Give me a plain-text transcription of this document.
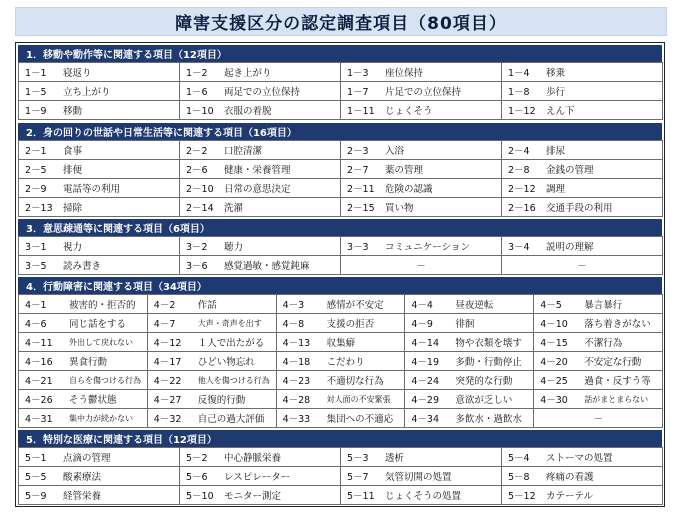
障害支援区分の認定調査項目（80項目）
1．移動や動作等に関連する項目（12項目）
1－1	寝返り	1－2	起き上がり	1－3	座位保持	1－4	移乗
1－5	立ち上がり	1－6	両足での立位保持	1－7	片足での立位保持	1－8	歩行
1－9	移動	1－10	衣服の着脱	1－11	じょくそう	1－12	えん下
2．身の回りの世話や日常生活等に関連する項目（16項目）
2－1	食事	2－2	口腔清潔	2－3	入浴	2－4	排尿
2－5	排便	2－6	健康・栄養管理	2－7	薬の管理	2－8	金銭の管理
2－9	電話等の利用	2－10	日常の意思決定	2－11	危険の認識	2－12	調理
2－13	掃除	2－14	洗濯	2－15	買い物	2－16	交通手段の利用
3．意思疎通等に関連する項目（6項目）
3－1	視力	3－2	聴力	3－3	コミュニケーション	3－4	説明の理解
3－5	読み書き	3－6	感覚過敏・感覚鈍麻	－	－
4．行動障害に関連する項目（34項目）
4－1	被害的・拒否的 4－2	作話	4－3	感情が不安定	4－4	昼夜逆転	4－5	暴言暴行
4－6	同じ話をする	4－7	大声・奇声を出す 4－8	支援の拒否	4－9	徘徊	4－10	落ち着きがない
4－11	外出して戻れない 4－12	１人で出たがる 4－13	収集癖	4－14	物や衣類を壊す 4－15	不潔行為
4－16	異食行動	4－17	ひどい物忘れ	4－18	こだわり	4－19	多動・行動停止 4－20	不安定な行動
4－21	自らを傷つける行為 4－22	他人を傷つける行為 4－23	不適切な行為	4－24	突発的な行動	4－25	過食・反すう等
4－26	そう鬱状態	4－27	反復的行動	4－28	対人面の不安緊張 4－29	意欲が乏しい	4－30	話がまとまらない
4－31	集中力が続かない 4－32	自己の過大評価 4－33	集団への不適応 4－34	多飲水・過飲水	－
5．特別な医療に関連する項目（12項目）
5－1	点滴の管理	5－2	中心静脈栄養	5－3	透析	5－4	ストーマの処置
5－5	酸素療法	5－6	レスピレーター	5－7	気管切開の処置	5－8	疼痛の看護
5－9	経管栄養	5－10	モニター測定	5－11	じょくそうの処置	5－12	カテーテル
